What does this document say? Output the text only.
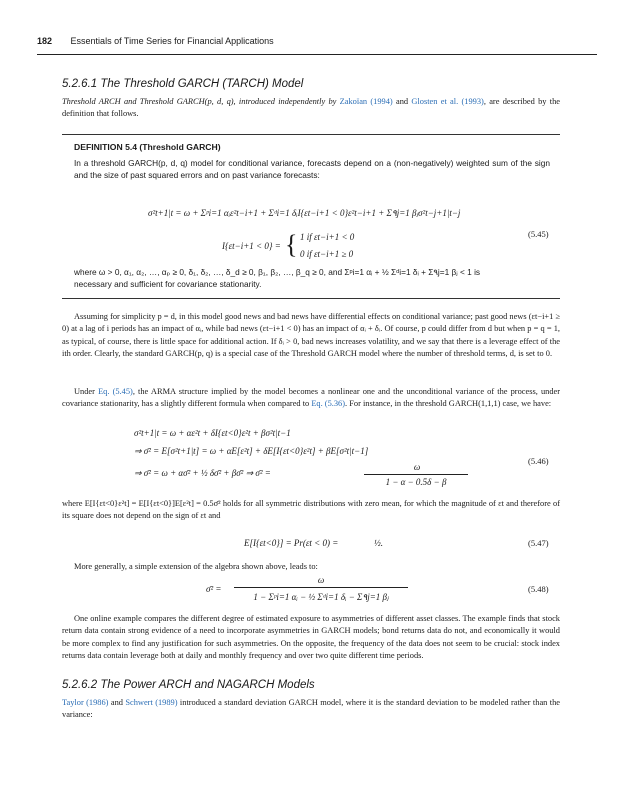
182 Essentials of Time Series for Financial Applications
5.2.6.1 The Threshold GARCH (TARCH) Model
Threshold ARCH and Threshold GARCH(p, d, q), introduced independently by Zakoïan (1994) and Glosten et al. (1993), are described by the definition that follows.
DEFINITION 5.4 (Threshold GARCH)
In a threshold GARCH(p, d, q) model for conditional variance, forecasts depend on a (non-negatively) weighted sum of the sign and the size of past squared errors and on past variance forecasts:
σ²t+1|t = ω + Σᵖi=1 αᵢε²t−i+1 + Σᵈi=1 δᵢI{εt−i+1 < 0}ε²t−i+1 + Σ۹j=1 βⱼσ²t−j+1|t−j
I{εt−i+1 < 0} = { 1 if εt−i+1 < 0
0 if εt−i+1 ≥ 0
(5.45)
where ω > 0, α₁, α₂, …, αₚ ≥ 0, δ₁, δ₂, …, δ_d ≥ 0, β₁, β₂, …, β_q ≥ 0, and Σᵖi=1 αᵢ + ½ Σᵈi=1 δᵢ + Σ۹j=1 βⱼ < 1 is
necessary and sufficient for covariance stationarity.
Assuming for simplicity p = d, in this model good news and bad news have differential effects on conditional variance; past good news (εt−i+1 ≥ 0) at a lag of i periods has an impact of αᵢ, while bad news (εt−i+1 < 0) has an impact of αᵢ + δᵢ. Of course, p could differ from d but when p = q = 1, as typical, of course, there is little space for additional action. If δᵢ > 0, bad news increases volatility, and we say that there is a leverage effect of the ith order. Clearly, the standard GARCH(p, q) is a special case of the Threshold GARCH model where the number of threshold terms, d, is set to 0.
Under Eq. (5.45), the ARMA structure implied by the model becomes a nonlinear one and the unconditional variance of the process, under covariance stationarity, has a slightly different formula when compared to Eq. (5.36). For instance, in the threshold GARCH(1,1,1) case, we have:
σ²t+1|t = ω + αε²t + δI{εt<0}ε²t + βσ²t|t−1
⇒ σ̄² = E[σ²t+1|t] = ω + αE[ε²t] + δE[I{εt<0}ε²t] + βE[σ²t|t−1]
⇒ σ̄² = ω + ασ̄² + ½ δσ̄² + βσ̄² ⇒ σ̄² =
ω
1 − α − 0.5δ − β
(5.46)
where E[I{εt<0}ε²t] = E[I{εt<0}]E[ε²t] = 0.5σ̄² holds for all symmetric distributions with zero mean, for which the magnitude of εt and therefore of its square does not depend on the sign of εt and
E[I{εt<0}] = Pr(εt < 0) =	½.	(5.47)
More generally, a simple extension of the algebra shown above, leads to:
σ̄² =
ω
1 − Σᵖi=1 αᵢ − ½ Σᵈi=1 δᵢ − Σ۹j=1 βⱼ
(5.48)
One online example compares the different degree of estimated exposure to asymmetries of different asset classes. The example finds that stock return data contain strong evidence of a need to incorporate asymmetries in GARCH models; bond returns data do not, and economically it would be more complex to find any justification for such asymmetries. On the opposite, the frequency of the data does not seem to be crucial: stock index returns data contain leverage both at daily and monthly frequency and over two quite different time periods.
5.2.6.2 The Power ARCH and NAGARCH Models
Taylor (1986) and Schwert (1989) introduced a standard deviation GARCH model, where it is the standard deviation to be modeled rather than the variance:
